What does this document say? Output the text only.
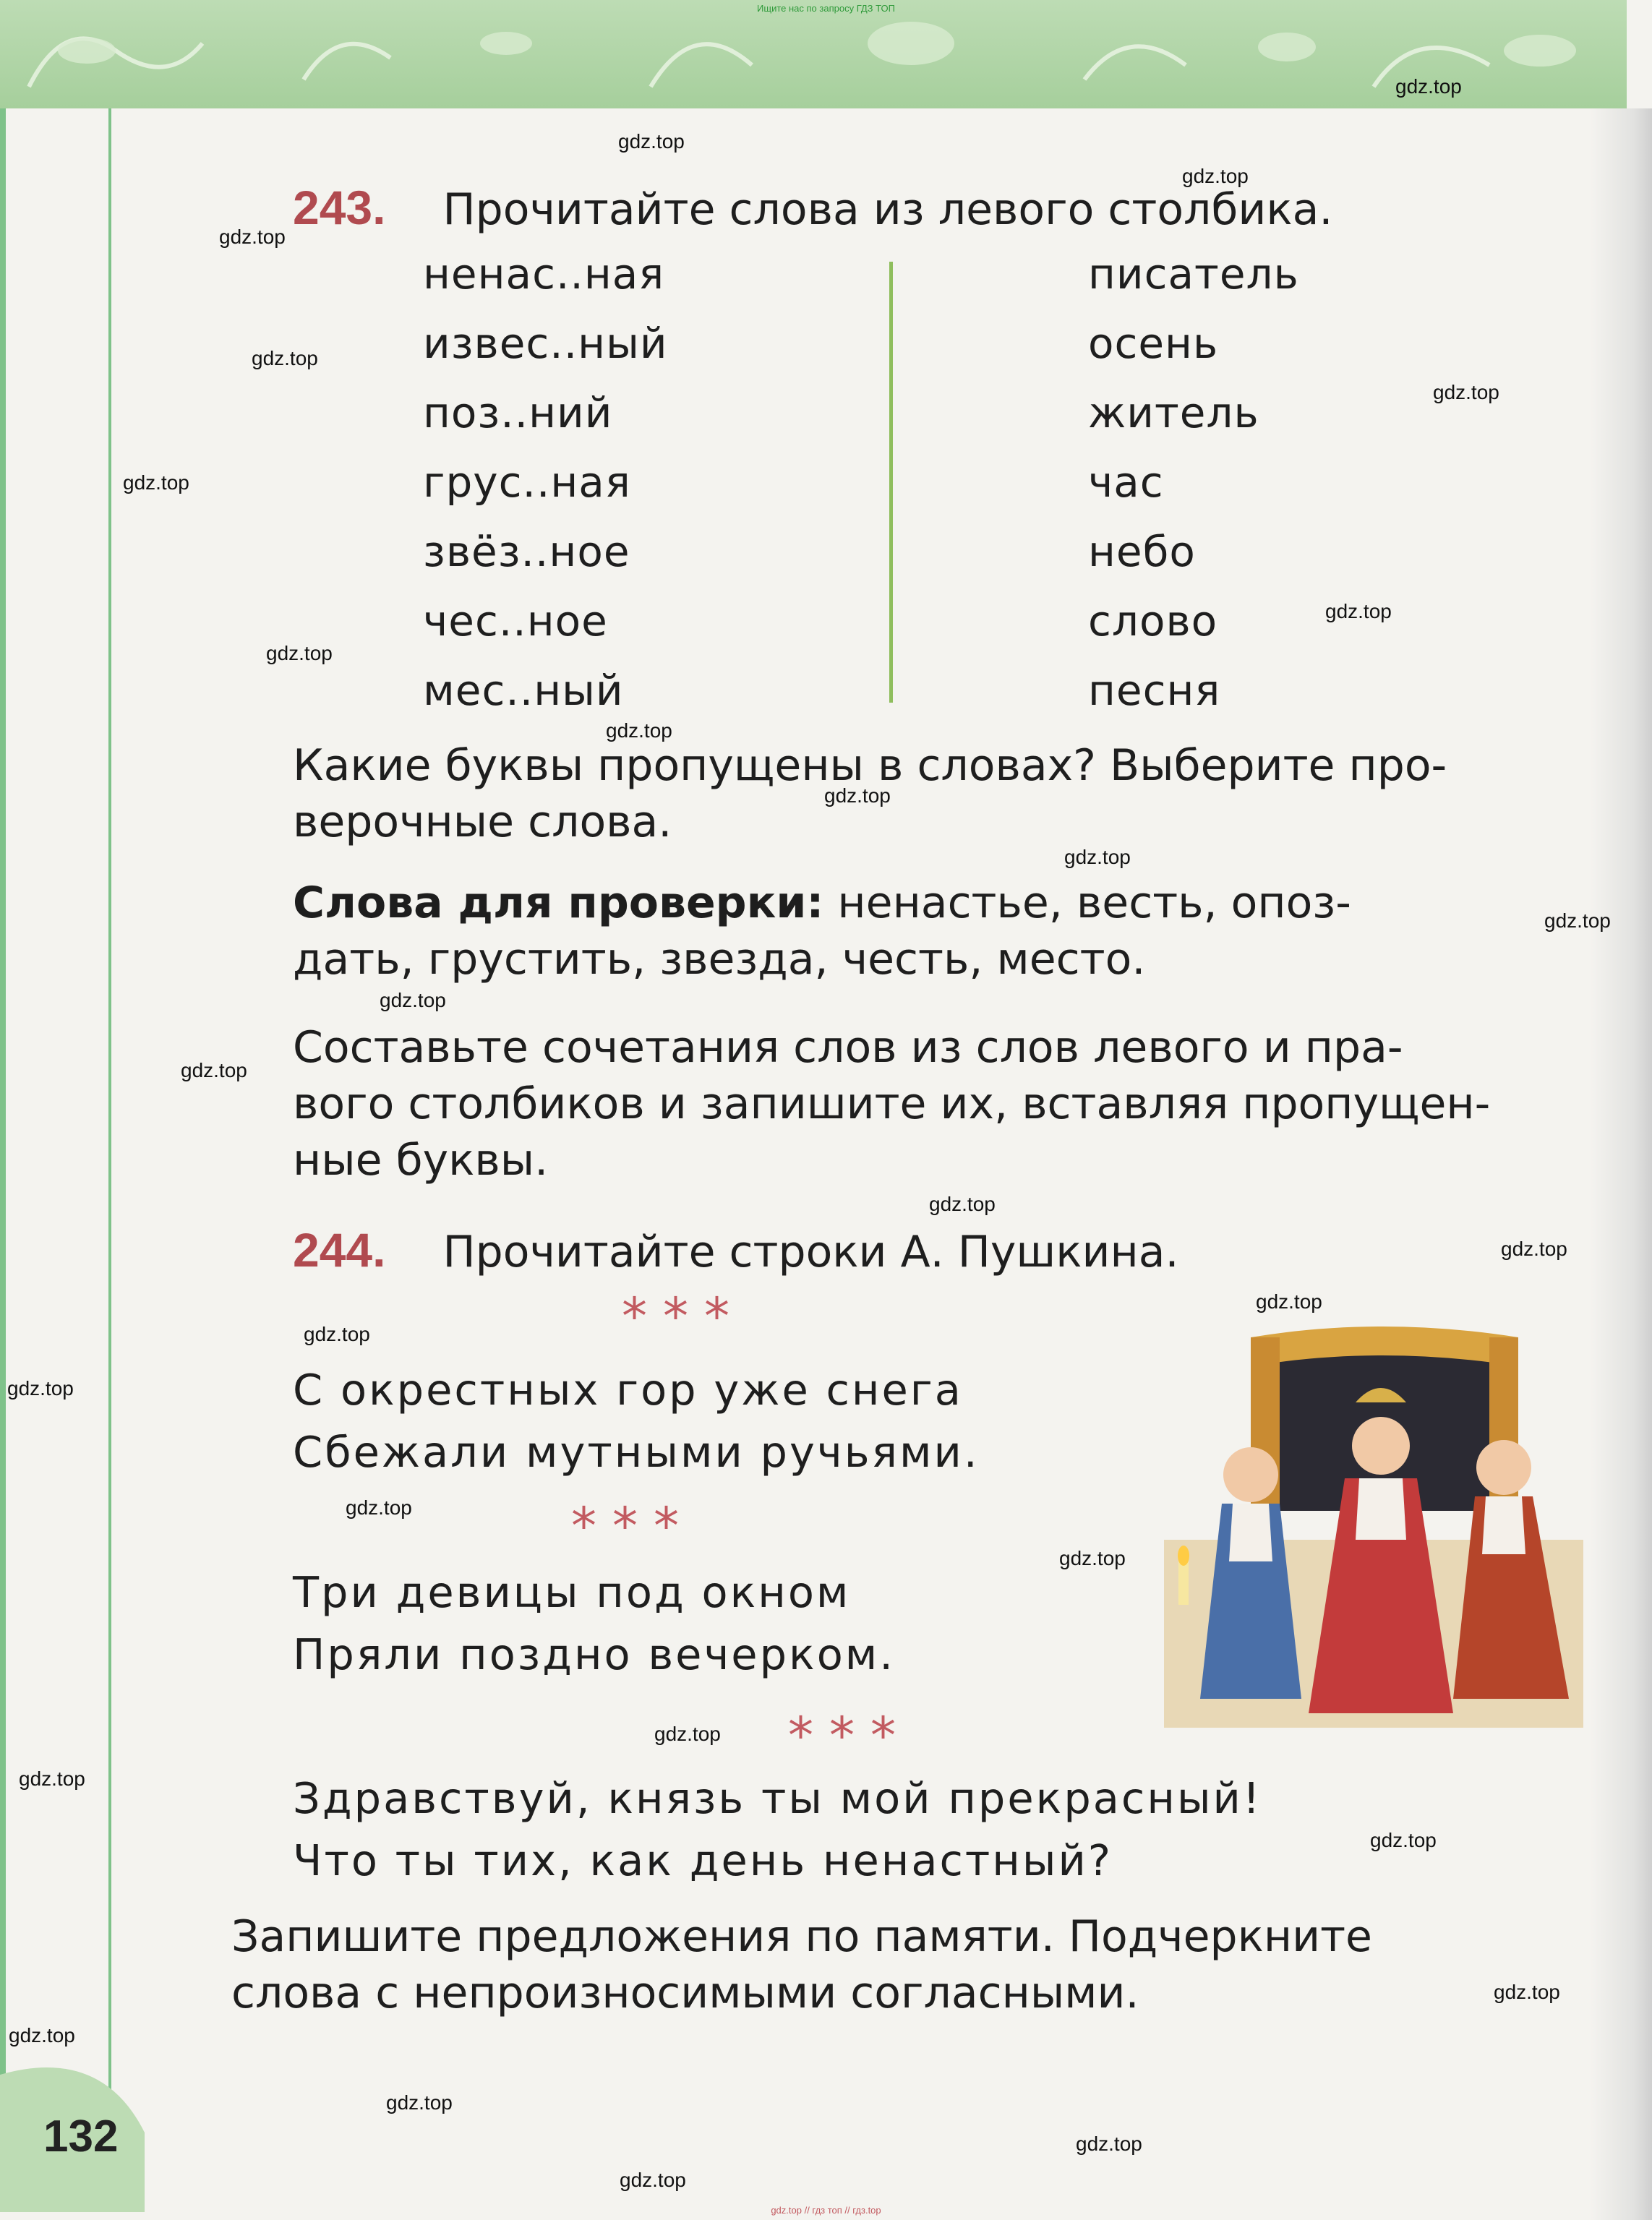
Ищите нас по запросу ГДЗ ТОП
243. Прочитайте слова из левого столбика.
ненас..ная
извес..ный
поз..ний
грус..ная
звёз..ное
чес..ное
мес..ный
писатель
осень
житель
час
небо
слово
песня
Какие буквы пропущены в словах? Выберите про-
верочные слова.
Слова для проверки: ненастье, весть, опоз-
дать, грустить, звезда, честь, место.
Составьте сочетания слов из слов левого и пра-
вого столбиков и запишите их, вставляя пропущен-
ные буквы.
244. Прочитайте строки А. Пушкина.
***
С окрестных гор уже снега
Сбежали мутными ручьями.
***
Три девицы под окном
Пряли поздно вечерком.
***
Здравствуй, князь ты мой прекрасный!
Что ты тих, как день ненастный?
Запишите предложения по памяти. Подчеркните
слова с непроизносимыми согласными.
132
gdz.top
gdz.top
gdz.top
gdz.top
gdz.top
gdz.top
gdz.top
gdz.top
gdz.top
gdz.top
gdz.top
gdz.top
gdz.top
gdz.top
gdz.top
gdz.top
gdz.top
gdz.top
gdz.top
gdz.top
gdz.top
gdz.top
gdz.top
gdz.top
gdz.top
gdz.top
gdz.top
gdz.top
gdz.top
gdz.top
gdz.top // гдз топ // гдз.top
